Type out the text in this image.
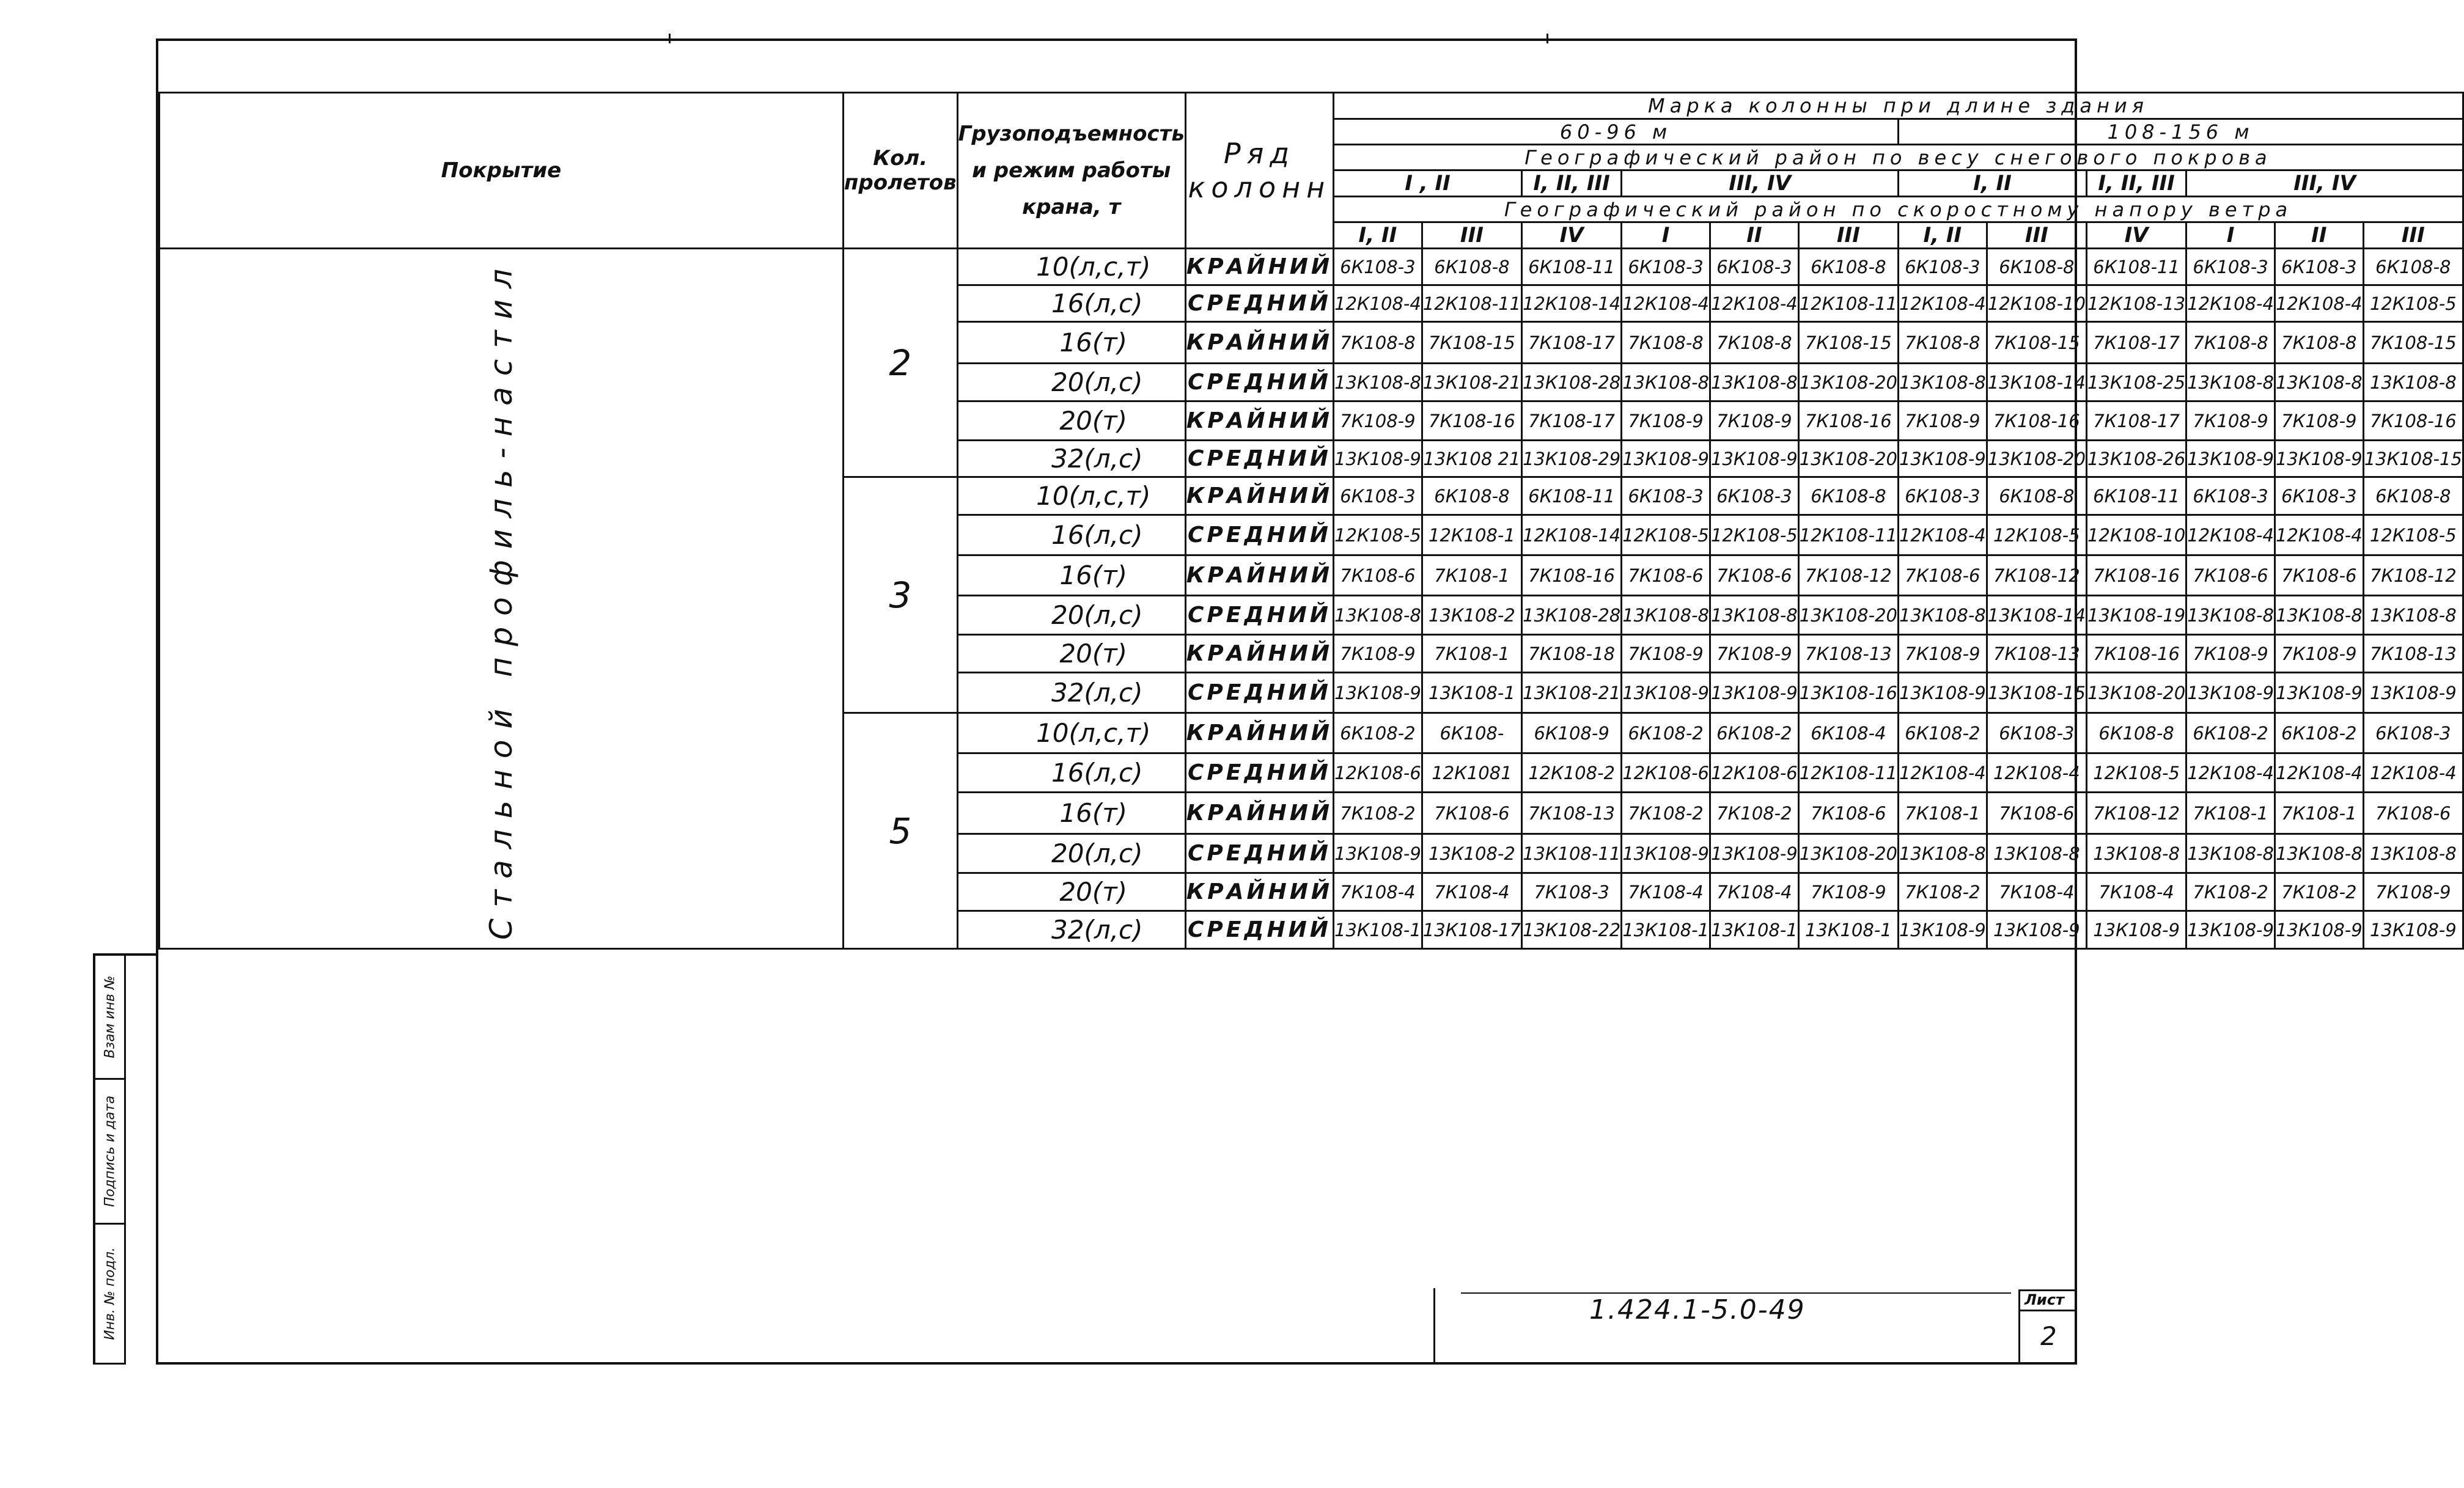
Покрытие	Кол. пролетов	Грузоподъемность и режим работы крана, т	Ряд колонн	Марка колонны при длине здания											
				60-96 м						108-156 м					
				Географический район по весу снегового покрова											
				I , II		I, II, III	III, IV			I, II		I, II, III	III, IV		
				Географический район по скоростному напору ветра											
				I, II	III	IV	I	II	III	I, II	III	IV	I	II	III
Стальной профиль-настил	2	10(л,с,т)	КРАЙНИЙ	6К108-3	6К108-8	6К108-11	6К108-3	6К108-3	6К108-8	6К108-3	6К108-8	6К108-11	6К108-3	6К108-3	6К108-8
		16(л,с)	СРЕДНИЙ	12К108-4	12К108-11	12К108-14	12К108-4	12К108-4	12К108-11	12К108-4	12К108-10	12К108-13	12К108-4	12К108-4	12К108-5
		16(т)	КРАЙНИЙ	7К108-8	7К108-15	7К108-17	7К108-8	7К108-8	7К108-15	7К108-8	7К108-15	7К108-17	7К108-8	7К108-8	7К108-15
		20(л,с)	СРЕДНИЙ	13К108-8	13К108-21	13К108-28	13К108-8	13К108-8	13К108-20	13К108-8	13К108-14	13К108-25	13К108-8	13К108-8	13К108-8
		20(т)	КРАЙНИЙ	7К108-9	7К108-16	7К108-17	7К108-9	7К108-9	7К108-16	7К108-9	7К108-16	7К108-17	7К108-9	7К108-9	7К108-16
		32(л,с)	СРЕДНИЙ	13К108-9	13К108 21	13К108-29	13К108-9	13К108-9	13К108-20	13К108-9	13К108-20	13К108-26	13К108-9	13К108-9	13К108-15
	3	10(л,с,т)	КРАЙНИЙ	6К108-3	6К108-8	6К108-11	6К108-3	6К108-3	6К108-8	6К108-3	6К108-8	6К108-11	6К108-3	6К108-3	6К108-8
		16(л,с)	СРЕДНИЙ	12К108-5	12К108-1	12К108-14	12К108-5	12К108-5	12К108-11	12К108-4	12К108-5	12К108-10	12К108-4	12К108-4	12К108-5
		16(т)	КРАЙНИЙ	7К108-6	7К108-1	7К108-16	7К108-6	7К108-6	7К108-12	7К108-6	7К108-12	7К108-16	7К108-6	7К108-6	7К108-12
		20(л,с)	СРЕДНИЙ	13К108-8	13К108-2	13К108-28	13К108-8	13К108-8	13К108-20	13К108-8	13К108-14	13К108-19	13К108-8	13К108-8	13К108-8
		20(т)	КРАЙНИЙ	7К108-9	7К108-1	7К108-18	7К108-9	7К108-9	7К108-13	7К108-9	7К108-13	7К108-16	7К108-9	7К108-9	7К108-13
		32(л,с)	СРЕДНИЙ	13К108-9	13К108-1	13К108-21	13К108-9	13К108-9	13К108-16	13К108-9	13К108-15	13К108-20	13К108-9	13К108-9	13К108-9
	5	10(л,с,т)	КРАЙНИЙ	6К108-2	6К108-	6К108-9	6К108-2	6К108-2	6К108-4	6К108-2	6К108-3	6К108-8	6К108-2	6К108-2	6К108-3
		16(л,с)	СРЕДНИЙ	12К108-6	12К1081	12К108-2	12К108-6	12К108-6	12К108-11	12К108-4	12К108-4	12К108-5	12К108-4	12К108-4	12К108-4
		16(т)	КРАЙНИЙ	7К108-2	7К108-6	7К108-13	7К108-2	7К108-2	7К108-6	7К108-1	7К108-6	7К108-12	7К108-1	7К108-1	7К108-6
		20(л,с)	СРЕДНИЙ	13К108-9	13К108-2	13К108-11	13К108-9	13К108-9	13К108-20	13К108-8	13К108-8	13К108-8	13К108-8	13К108-8	13К108-8
		20(т)	КРАЙНИЙ	7К108-4	7К108-4	7К108-3	7К108-4	7К108-4	7К108-9	7К108-2	7К108-4	7К108-4	7К108-2	7К108-2	7К108-9
		32(л,с)	СРЕДНИЙ	13К108-1	13К108-17	13К108-22	13К108-1	13К108-1	13К108-1	13К108-9	13К108-9	13К108-9	13К108-9	13К108-9	13К108-9
Взам инв №
Подпись и дата
Инв. № подл.	1.424.1-5.0-49	Лист
2
